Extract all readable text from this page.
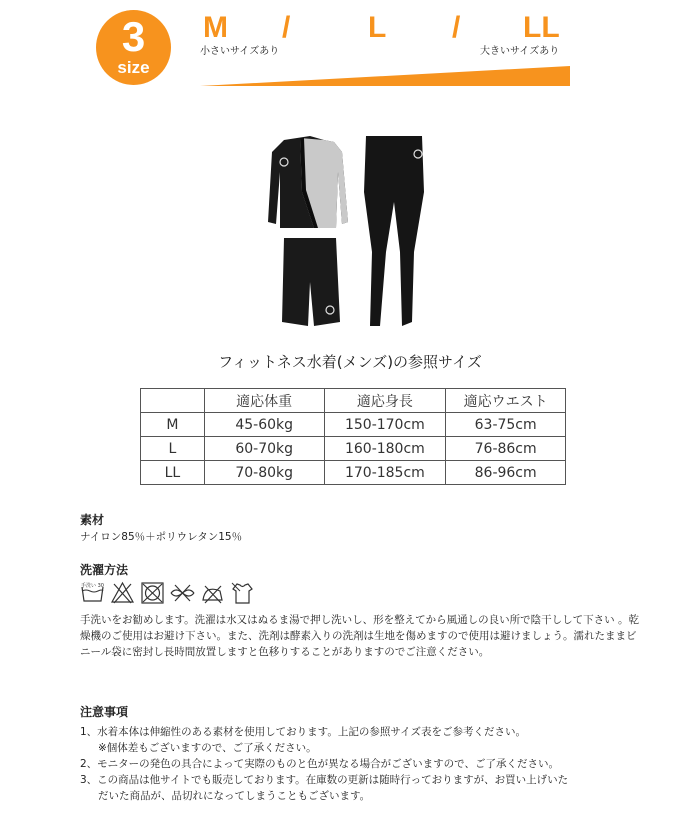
3
size
M /	L / LL
小さいサイズあり	大きいサイズあり
フィットネス水着(メンズ)の参照サイズ
	適応体重	適応身長	適応ウエスト
M	45-60kg	150-170cm	63-75cm
L	60-70kg	160-180cm	76-86cm
LL	70-80kg	170-185cm	86-96cm
素材
ナイロン85％＋ポリウレタン15％
洗濯方法
手洗い 30
手洗いをお勧めします。洗濯は水又はぬるま湯で押し洗いし、形を整えてから風通しの良い所で陰干しして下さい 。乾燥機のご使用はお避け下さい。また、洗剤は酵素入りの洗剤は生地を傷めますので使用は避けましょう。濡れたままビニール袋に密封し長時間放置しますと色移りすることがありますのでご注意ください。
注意事項
1、水着本体は伸縮性のある素材を使用しております。上記の参照サイズ表をご参考ください。
※個体差もございますので、ご了承ください。
2、モニターの発色の具合によって実際のものと色が異なる場合がございますので、ご了承ください。
3、この商品は他サイトでも販売しております。在庫数の更新は随時行っておりますが、お買い上げいた
だいた商品が、品切れになってしまうこともございます。
